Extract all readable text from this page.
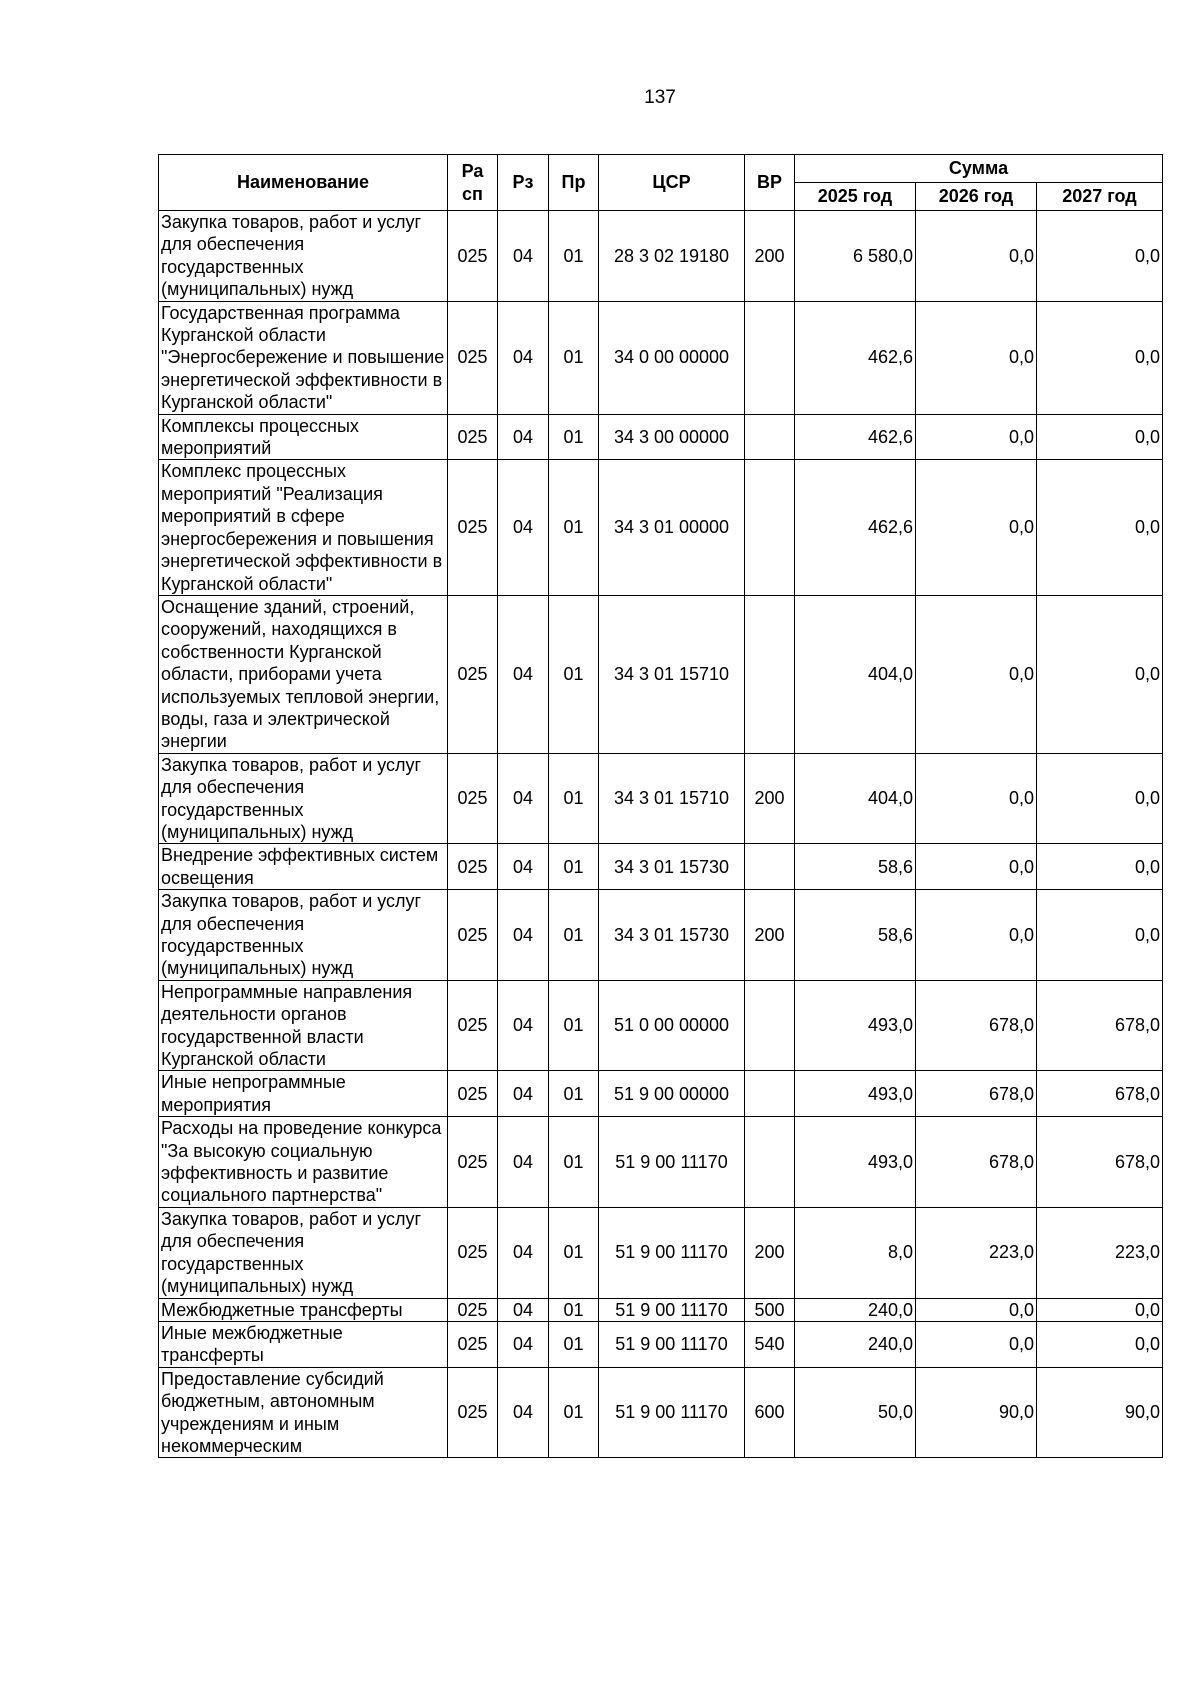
137
Наименование	Ра сп	Рз	Пр	ЦСР	ВР	Сумма		
						2025 год	2026 год	2027 год
Закупка товаров, работ и услуг для обеспечения государственных (муниципальных) нужд	025	04	01	28 3 02 19180	200	6 580,0	0,0	0,0
Государственная программа Курганской области "Энергосбережение и повышение энергетической эффективности в Курганской области"	025	04	01	34 0 00 00000		462,6	0,0	0,0
Комплексы процессных мероприятий	025	04	01	34 3 00 00000		462,6	0,0	0,0
Комплекс процессных мероприятий "Реализация мероприятий в сфере энергосбережения и повышения энергетической эффективности в Курганской области"	025	04	01	34 3 01 00000		462,6	0,0	0,0
Оснащение зданий, строений, сооружений, находящихся в собственности Курганской области, приборами учета используемых тепловой энергии, воды, газа и электрической энергии	025	04	01	34 3 01 15710		404,0	0,0	0,0
Закупка товаров, работ и услуг для обеспечения государственных (муниципальных) нужд	025	04	01	34 3 01 15710	200	404,0	0,0	0,0
Внедрение эффективных систем освещения	025	04	01	34 3 01 15730		58,6	0,0	0,0
Закупка товаров, работ и услуг для обеспечения государственных (муниципальных) нужд	025	04	01	34 3 01 15730	200	58,6	0,0	0,0
Непрограммные направления деятельности органов государственной власти Курганской области	025	04	01	51 0 00 00000		493,0	678,0	678,0
Иные непрограммные мероприятия	025	04	01	51 9 00 00000		493,0	678,0	678,0
Расходы на проведение конкурса "За высокую социальную эффективность и развитие социального партнерства"	025	04	01	51 9 00 11170		493,0	678,0	678,0
Закупка товаров, работ и услуг для обеспечения государственных (муниципальных) нужд	025	04	01	51 9 00 11170	200	8,0	223,0	223,0
Межбюджетные трансферты	025	04	01	51 9 00 11170	500	240,0	0,0	0,0
Иные межбюджетные трансферты	025	04	01	51 9 00 11170	540	240,0	0,0	0,0
Предоставление субсидий бюджетным, автономным учреждениям и иным некоммерческим	025	04	01	51 9 00 11170	600	50,0	90,0	90,0
